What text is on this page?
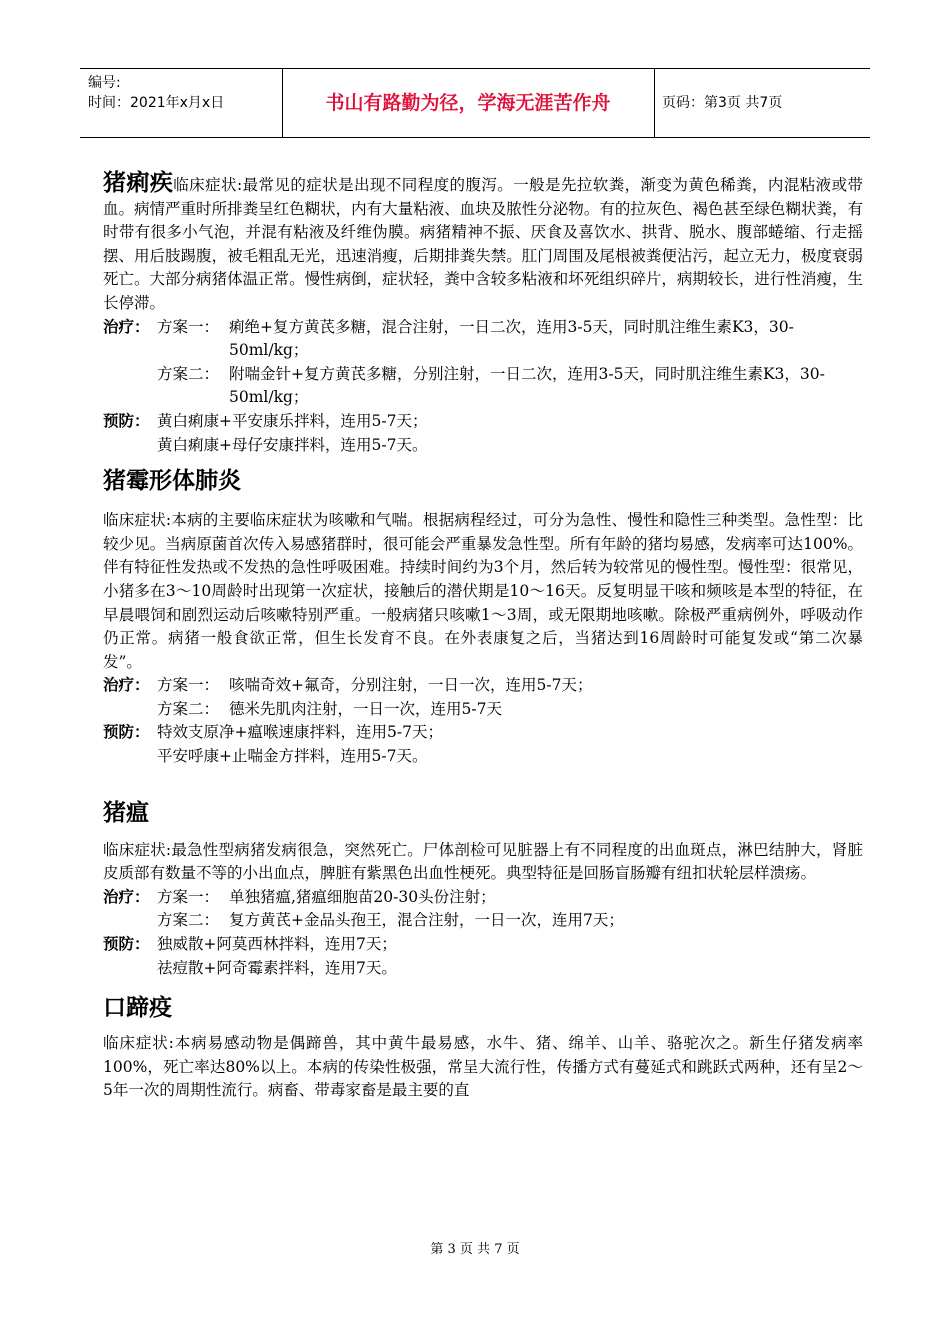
编号:
时间：2021年x月x日	书山有路勤为径，学海无涯苦作舟	页码：第3页 共7页

猪痢疾临床症状:最常见的症状是出现不同程度的腹泻。一般是先拉软粪，渐变为黄色稀粪，内混粘液或带血。病情严重时所排粪呈红色糊状，内有大量粘液、血块及脓性分泌物。有的拉灰色、褐色甚至绿色糊状粪，有时带有很多小气泡，并混有粘液及纤维伪膜。病猪精神不振、厌食及喜饮水、拱背、脱水、腹部蜷缩、行走摇摆、用后肢踢腹，被毛粗乱无光，迅速消瘦，后期排粪失禁。肛门周围及尾根被粪便沾污，起立无力，极度衰弱死亡。大部分病猪体温正常。慢性病倒，症状轻，粪中含较多粘液和坏死组织碎片，病期较长，进行性消瘦，生长停滞。

治疗： 方案一： 痢绝+复方黄芪多糖，混合注射，一日二次，连用3-5天，同时肌注维生素K3，30-50ml/kg；
方案二： 附喘金针+复方黄芪多糖，分别注射，一日二次，连用3-5天，同时肌注维生素K3，30-50ml/kg；
预防： 黄白痢康+平安康乐拌料，连用5-7天；
黄白痢康+母仔安康拌料，连用5-7天。
猪霉形体肺炎

临床症状:本病的主要临床症状为咳嗽和气喘。根据病程经过，可分为急性、慢性和隐性三种类型。急性型：比较少见。当病原菌首次传入易感猪群时，很可能会严重暴发急性型。所有年龄的猪均易感，发病率可达100%。伴有特征性发热或不发热的急性呼吸困难。持续时间约为3个月，然后转为较常见的慢性型。慢性型：很常见，小猪多在3～10周龄时出现第一次症状，接触后的潜伏期是10～16天。反复明显干咳和频咳是本型的特征，在早晨喂饲和剧烈运动后咳嗽特别严重。一般病猪只咳嗽1～3周，或无限期地咳嗽。除极严重病例外，呼吸动作仍正常。病猪一般食欲正常，但生长发育不良。在外表康复之后，当猪达到16周龄时可能复发或“第二次暴发”。

治疗： 方案一： 咳喘奇效+氟奇，分别注射，一日一次，连用5-7天；
方案二： 德米先肌肉注射，一日一次，连用5-7天
预防： 特效支原净+瘟喉速康拌料，连用5-7天；
平安呼康+止喘金方拌料，连用5-7天。
猪瘟

临床症状:最急性型病猪发病很急，突然死亡。尸体剖检可见脏器上有不同程度的出血斑点，淋巴结肿大，肾脏皮质部有数量不等的小出血点，脾脏有紫黑色出血性梗死。典型特征是回肠盲肠瓣有纽扣状轮层样溃疡。

治疗： 方案一： 单独猪瘟,猪瘟细胞苗20-30头份注射；
方案二： 复方黄芪+金品头孢王，混合注射，一日一次，连用7天；
预防： 独威散+阿莫西林拌料，连用7天；
祛痘散+阿奇霉素拌料，连用7天。
口蹄疫

临床症状:本病易感动物是偶蹄兽，其中黄牛最易感，水牛、猪、绵羊、山羊、骆驼次之。新生仔猪发病率100%，死亡率达80%以上。本病的传染性极强，常呈大流行性，传播方式有蔓延式和跳跃式两种，还有呈2～5年一次的周期性流行。病畜、带毒家畜是最主要的直

第 3 页 共 7 页
